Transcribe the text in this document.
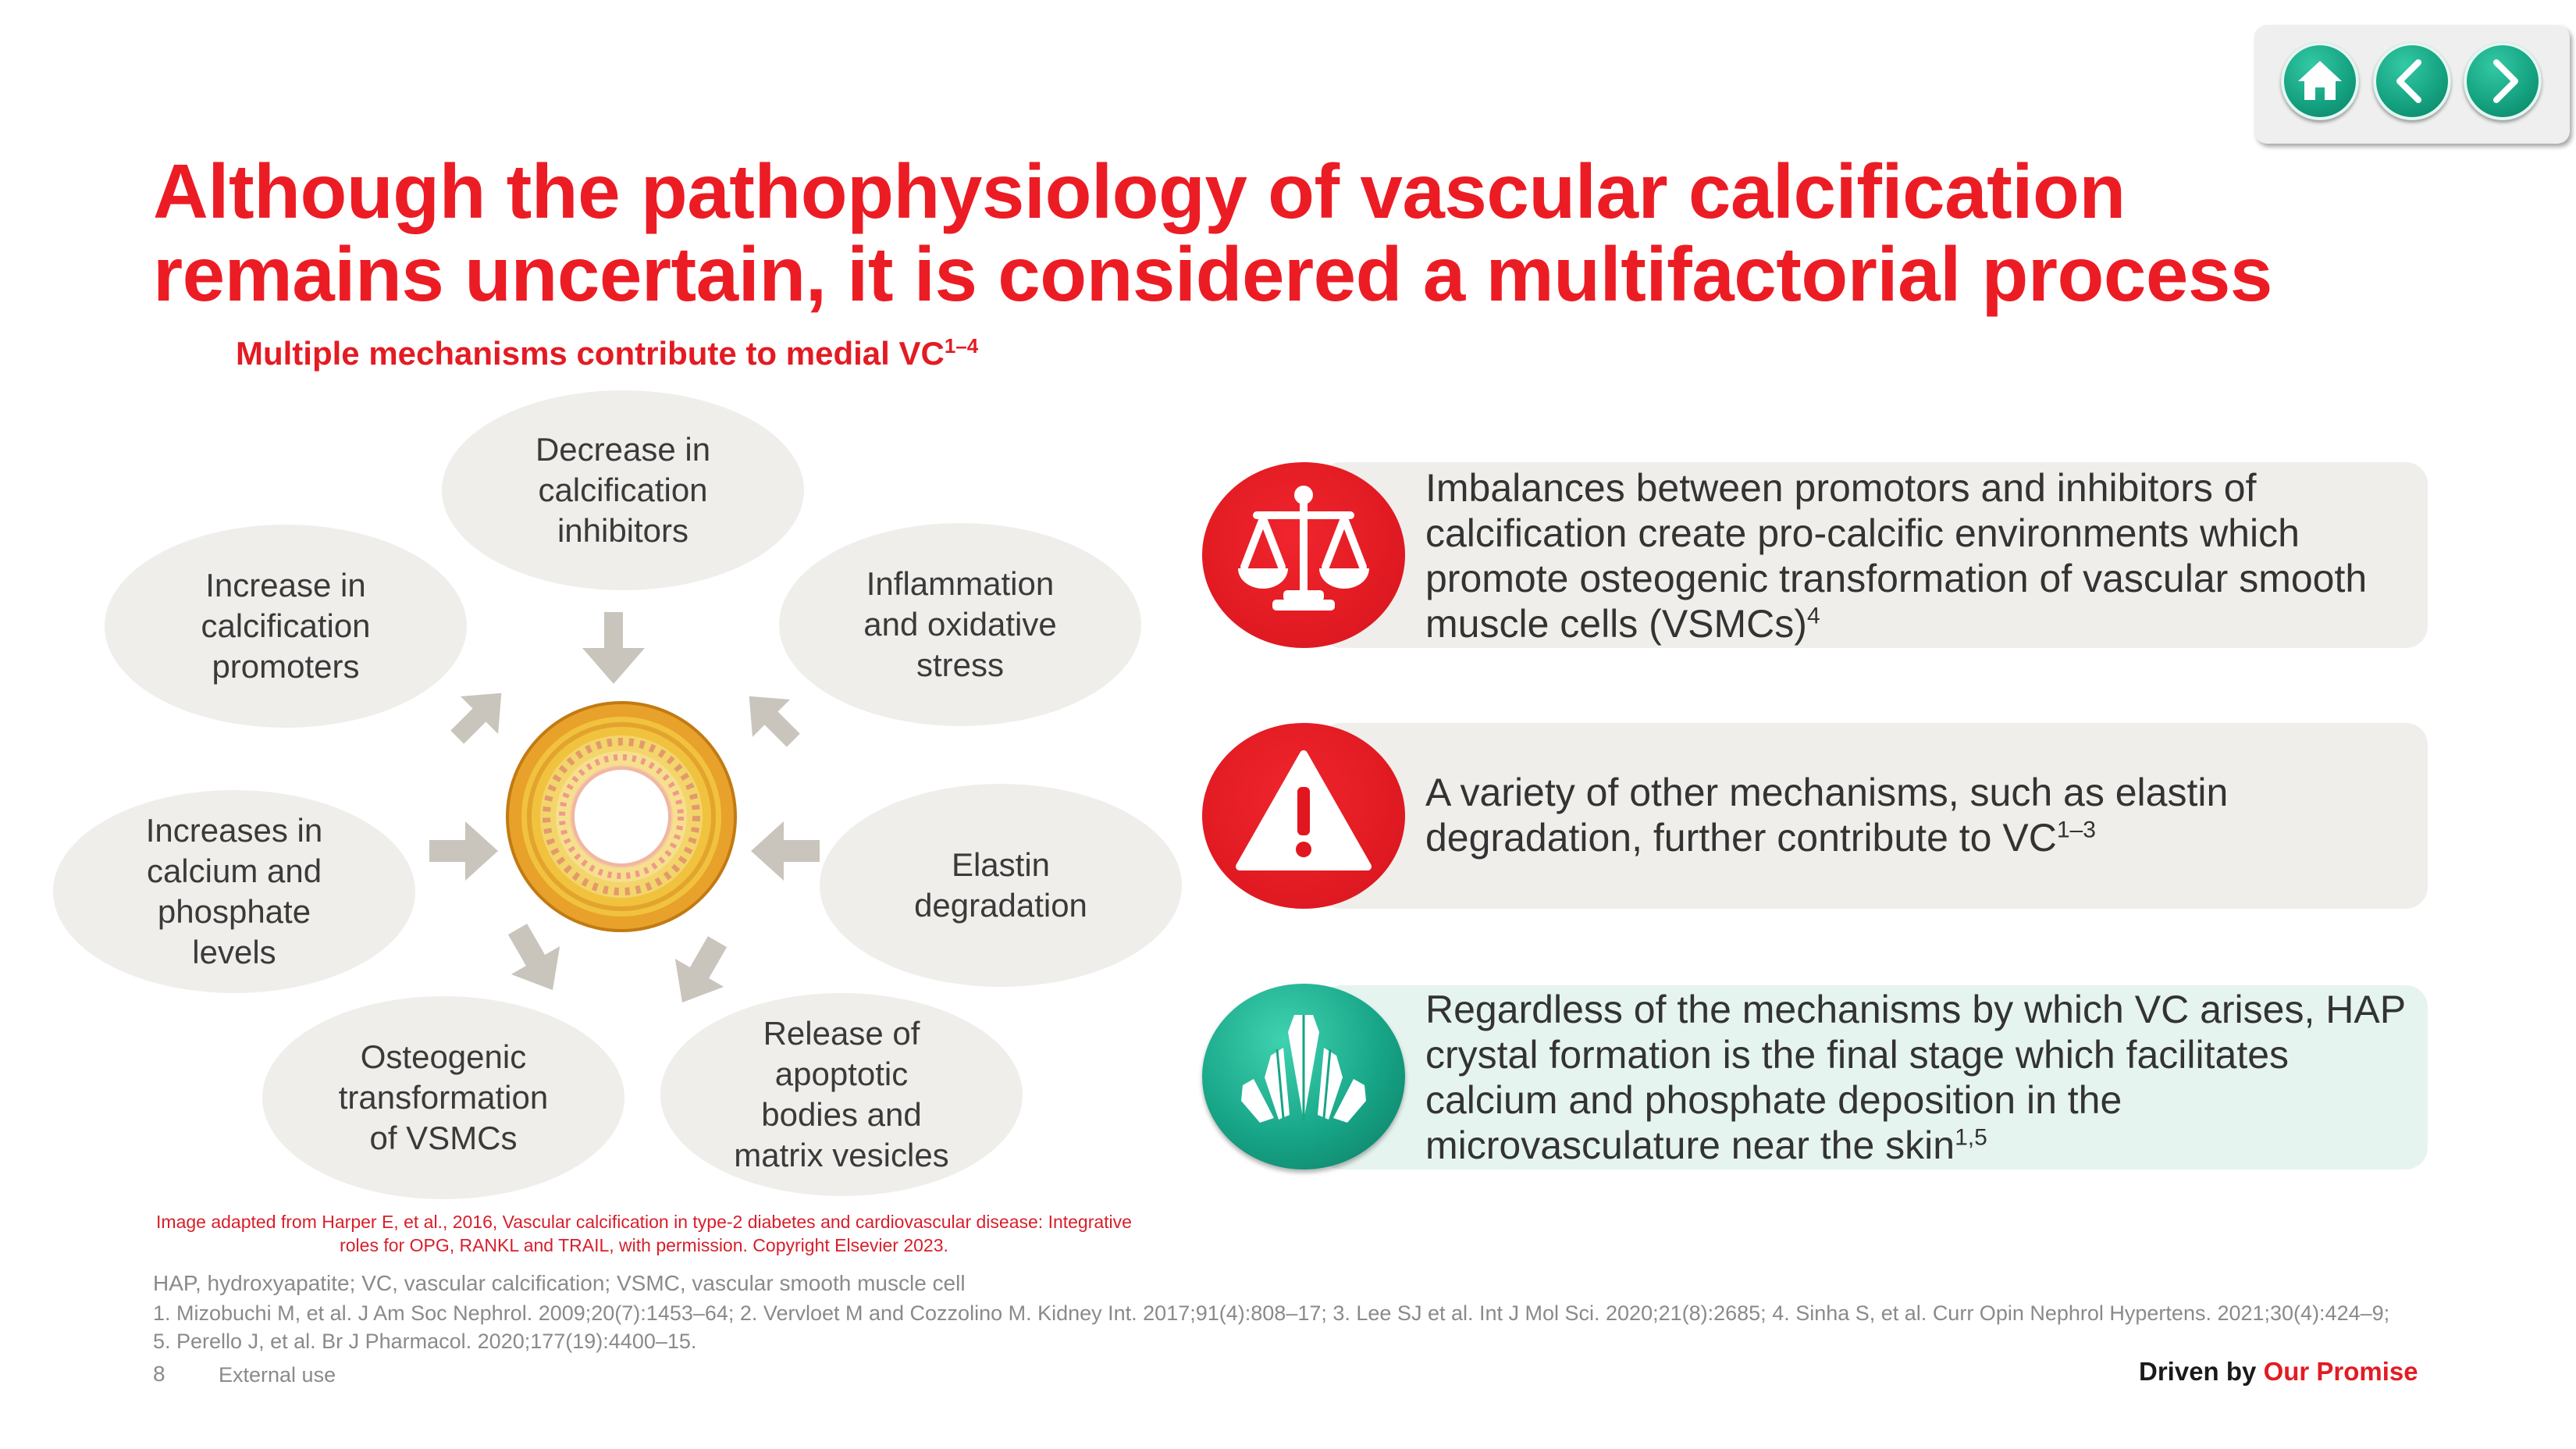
Although the pathophysiology of vascular calcification
remains uncertain, it is considered a multifactorial process
Multiple mechanisms contribute to medial VC$^{1-4}$
Decrease in
calcification
inhibitors
Inflammation
and oxidative
stress
Elastin
degradation
Release of
apoptotic
bodies and
matrix vesicles
Osteogenic
transformation
of VSMCs
Increases in
calcium and
phosphate
levels
Increase in
calcification
promoters
Image adapted from Harper E, et al., 2016, Vascular calcification in type-2 diabetes and cardiovascular disease: Integrative roles for OPG, RANKL and TRAIL, with permission. Copyright Elsevier 2023.
Imbalances between promotors and inhibitors of calcification create pro-calcific environments which promote osteogenic transformation of vascular smooth muscle cells (VSMCs)$^4$
A variety of other mechanisms, such as elastin degradation, further contribute to VC$^{1-3}$
Regardless of the mechanisms by which VC arises, HAP crystal formation is the final stage which facilitates calcium and phosphate deposition in the microvasculature near the skin$^{1,5}$
HAP, hydroxyapatite; VC, vascular calcification; VSMC, vascular smooth muscle cell
1. Mizobuchi M, et al. J Am Soc Nephrol. 2009;20(7):1453–64; 2. Vervloet M and Cozzolino M. Kidney Int. 2017;91(4):808–17; 3. Lee SJ et al. Int J Mol Sci. 2020;21(8):2685; 4. Sinha S, et al. Curr Opin Nephrol Hypertens. 2021;30(4):424–9; 5. Perello J, et al. Br J Pharmacol. 2020;177(19):4400–15.
8	External use	Driven by Our Promise
